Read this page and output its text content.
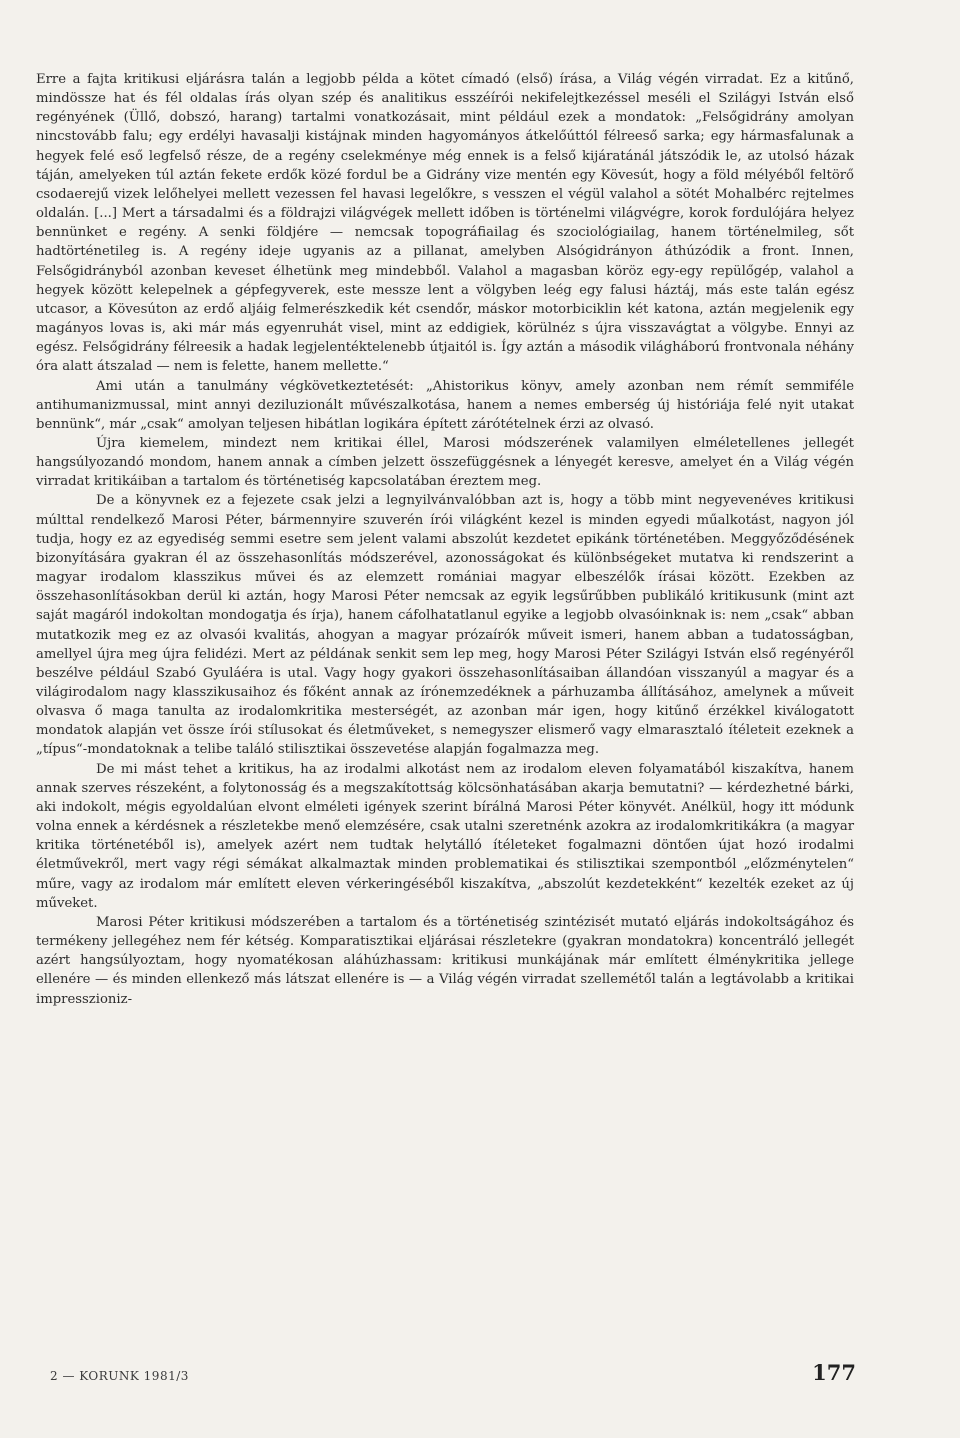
Erre a fajta kritikusi eljárásra talán a legjobb példa a kötet címadó (első) írása, a Világ végén virradat. Ez a kitűnő, mindössze hat és fél oldalas írás olyan szép és analitikus esszéírói nekifelejtkezéssel meséli el Szilágyi István első regényének (Üllő, dobszó, harang) tartalmi vonatkozásait, mint például ezek a mondatok: „Felsőgidrány amolyan nincstovább falu; egy erdélyi havasalji kistájnak minden hagyományos átkelőúttól félreeső sarka; egy hármasfalunak a hegyek felé eső legfelső része, de a regény cselekménye még ennek is a felső kijáratánál játszódik le, az utolsó házak táján, amelyeken túl aztán fekete erdők közé fordul be a Gidrány vize mentén egy Kövesút, hogy a föld mélyéből feltörő csodaerejű vizek lelőhelyei mellett vezessen fel havasi legelőkre, s vesszen el végül valahol a sötét Mohalbérc rejtelmes oldalán. [...] Mert a társadalmi és a földrajzi világvégek mellett időben is történelmi világvégre, korok fordulójára helyez bennünket e regény. A senki földjére — nemcsak topográfiailag és szociológiailag, hanem történelmileg, sőt hadtörténetileg is. A regény ideje ugyanis az a pillanat, amelyben Alsógidrányon áthúzódik a front. Innen, Felsőgidrányból azonban keveset élhetünk meg mindebből. Valahol a magasban köröz egy-egy repülőgép, valahol a hegyek között kelepelnek a gépfegyverek, este messze lent a völgyben leég egy falusi háztáj, más este talán egész utcasor, a Kövesúton az erdő aljáig felmerészkedik két csendőr, máskor motorbiciklin két katona, aztán megjelenik egy magányos lovas is, aki már más egyenruhát visel, mint az eddigiek, körülnéz s újra visszavágtat a völgybe. Ennyi az egész. Felsőgidrány félreesik a hadak legjelentéktelenebb útjaitól is. Így aztán a második világháború frontvonala néhány óra alatt átszalad — nem is felette, hanem mellette.“

Ami után a tanulmány végkövetkeztetését: „Ahistorikus könyv, amely azonban nem rémít semmiféle antihumanizmussal, mint annyi deziluzionált művészalkotása, hanem a nemes emberség új históriája felé nyit utakat bennünk“, már „csak“ amolyan teljesen hibátlan logikára épített zárótételnek érzi az olvasó.

Újra kiemelem, mindezt nem kritikai éllel, Marosi módszerének valamilyen elméletellenes jellegét hangsúlyozandó mondom, hanem annak a címben jelzett összefüggésnek a lényegét keresve, amelyet én a Világ végén virradat kritikáiban a tartalom és történetiség kapcsolatában éreztem meg.

De a könyvnek ez a fejezete csak jelzi a legnyilvánvalóbban azt is, hogy a több mint negyevenéves kritikusi múlttal rendelkező Marosi Péter, bármennyire szuverén írói világként kezel is minden egyedi műalkotást, nagyon jól tudja, hogy ez az egyediség semmi esetre sem jelent valami abszolút kezdetet epikánk történetében. Meggyőződésének bizonyítására gyakran él az összehasonlítás módszerével, azonosságokat és különbségeket mutatva ki rendszerint a magyar irodalom klasszikus művei és az elemzett romániai magyar elbeszélők írásai között. Ezekben az összehasonlításokban derül ki aztán, hogy Marosi Péter nemcsak az egyik legsűrűbben publikáló kritikusunk (mint azt saját magáról indokoltan mondogatja és írja), hanem cáfolhatatlanul egyike a legjobb olvasóinknak is: nem „csak“ abban mutatkozik meg ez az olvasói kvalitás, ahogyan a magyar prózaírók műveit ismeri, hanem abban a tudatosságban, amellyel újra meg újra felidézi. Mert az példának senkit sem lep meg, hogy Marosi Péter Szilágyi István első regényéről beszélve például Szabó Gyuláéra is utal. Vagy hogy gyakori összehasonlításaiban állandóan visszanyúl a magyar és a világirodalom nagy klasszikusaihoz és főként annak az írónemzedéknek a párhuzamba állításához, amelynek a műveit olvasva ő maga tanulta az irodalomkritika mesterségét, az azonban már igen, hogy kitűnő érzékkel kiválogatott mondatok alapján vet össze írói stílusokat és életműveket, s nemegyszer elismerő vagy elmarasztaló ítéleteit ezeknek a „típus“-mondatoknak a telibe találó stilisztikai összevetése alapján fogalmazza meg.

De mi mást tehet a kritikus, ha az irodalmi alkotást nem az irodalom eleven folyamatából kiszakítva, hanem annak szerves részeként, a folytonosság és a megszakítottság kölcsönhatásában akarja bemutatni? — kérdezhetné bárki, aki indokolt, mégis egyoldalúan elvont elméleti igények szerint bírálná Marosi Péter könyvét. Anélkül, hogy itt módunk volna ennek a kérdésnek a részletekbe menő elemzésére, csak utalni szeretnénk azokra az irodalomkritikákra (a magyar kritika történetéből is), amelyek azért nem tudtak helytálló ítéleteket fogalmazni döntően újat hozó irodalmi életművekről, mert vagy régi sémákat alkalmaztak minden problematikai és stilisztikai szempontból „előzménytelen“ műre, vagy az irodalom már említett eleven vérkeringéséből kiszakítva, „abszolút kezdetekként“ kezelték ezeket az új műveket.

Marosi Péter kritikusi módszerében a tartalom és a történetiség szintézisét mutató eljárás indokoltságához és termékeny jellegéhez nem fér kétség. Komparatisztikai eljárásai részletekre (gyakran mondatokra) koncentráló jellegét azért hangsúlyoztam, hogy nyomatékosan aláhúzhassam: kritikusi munkájának már említett élménykritika jellege ellenére — és minden ellenkező más látszat ellenére is — a Világ végén virradat szellemétől talán a legtávolabb a kritikai impresszioniz-

2 — KORUNK 1981/3	177
